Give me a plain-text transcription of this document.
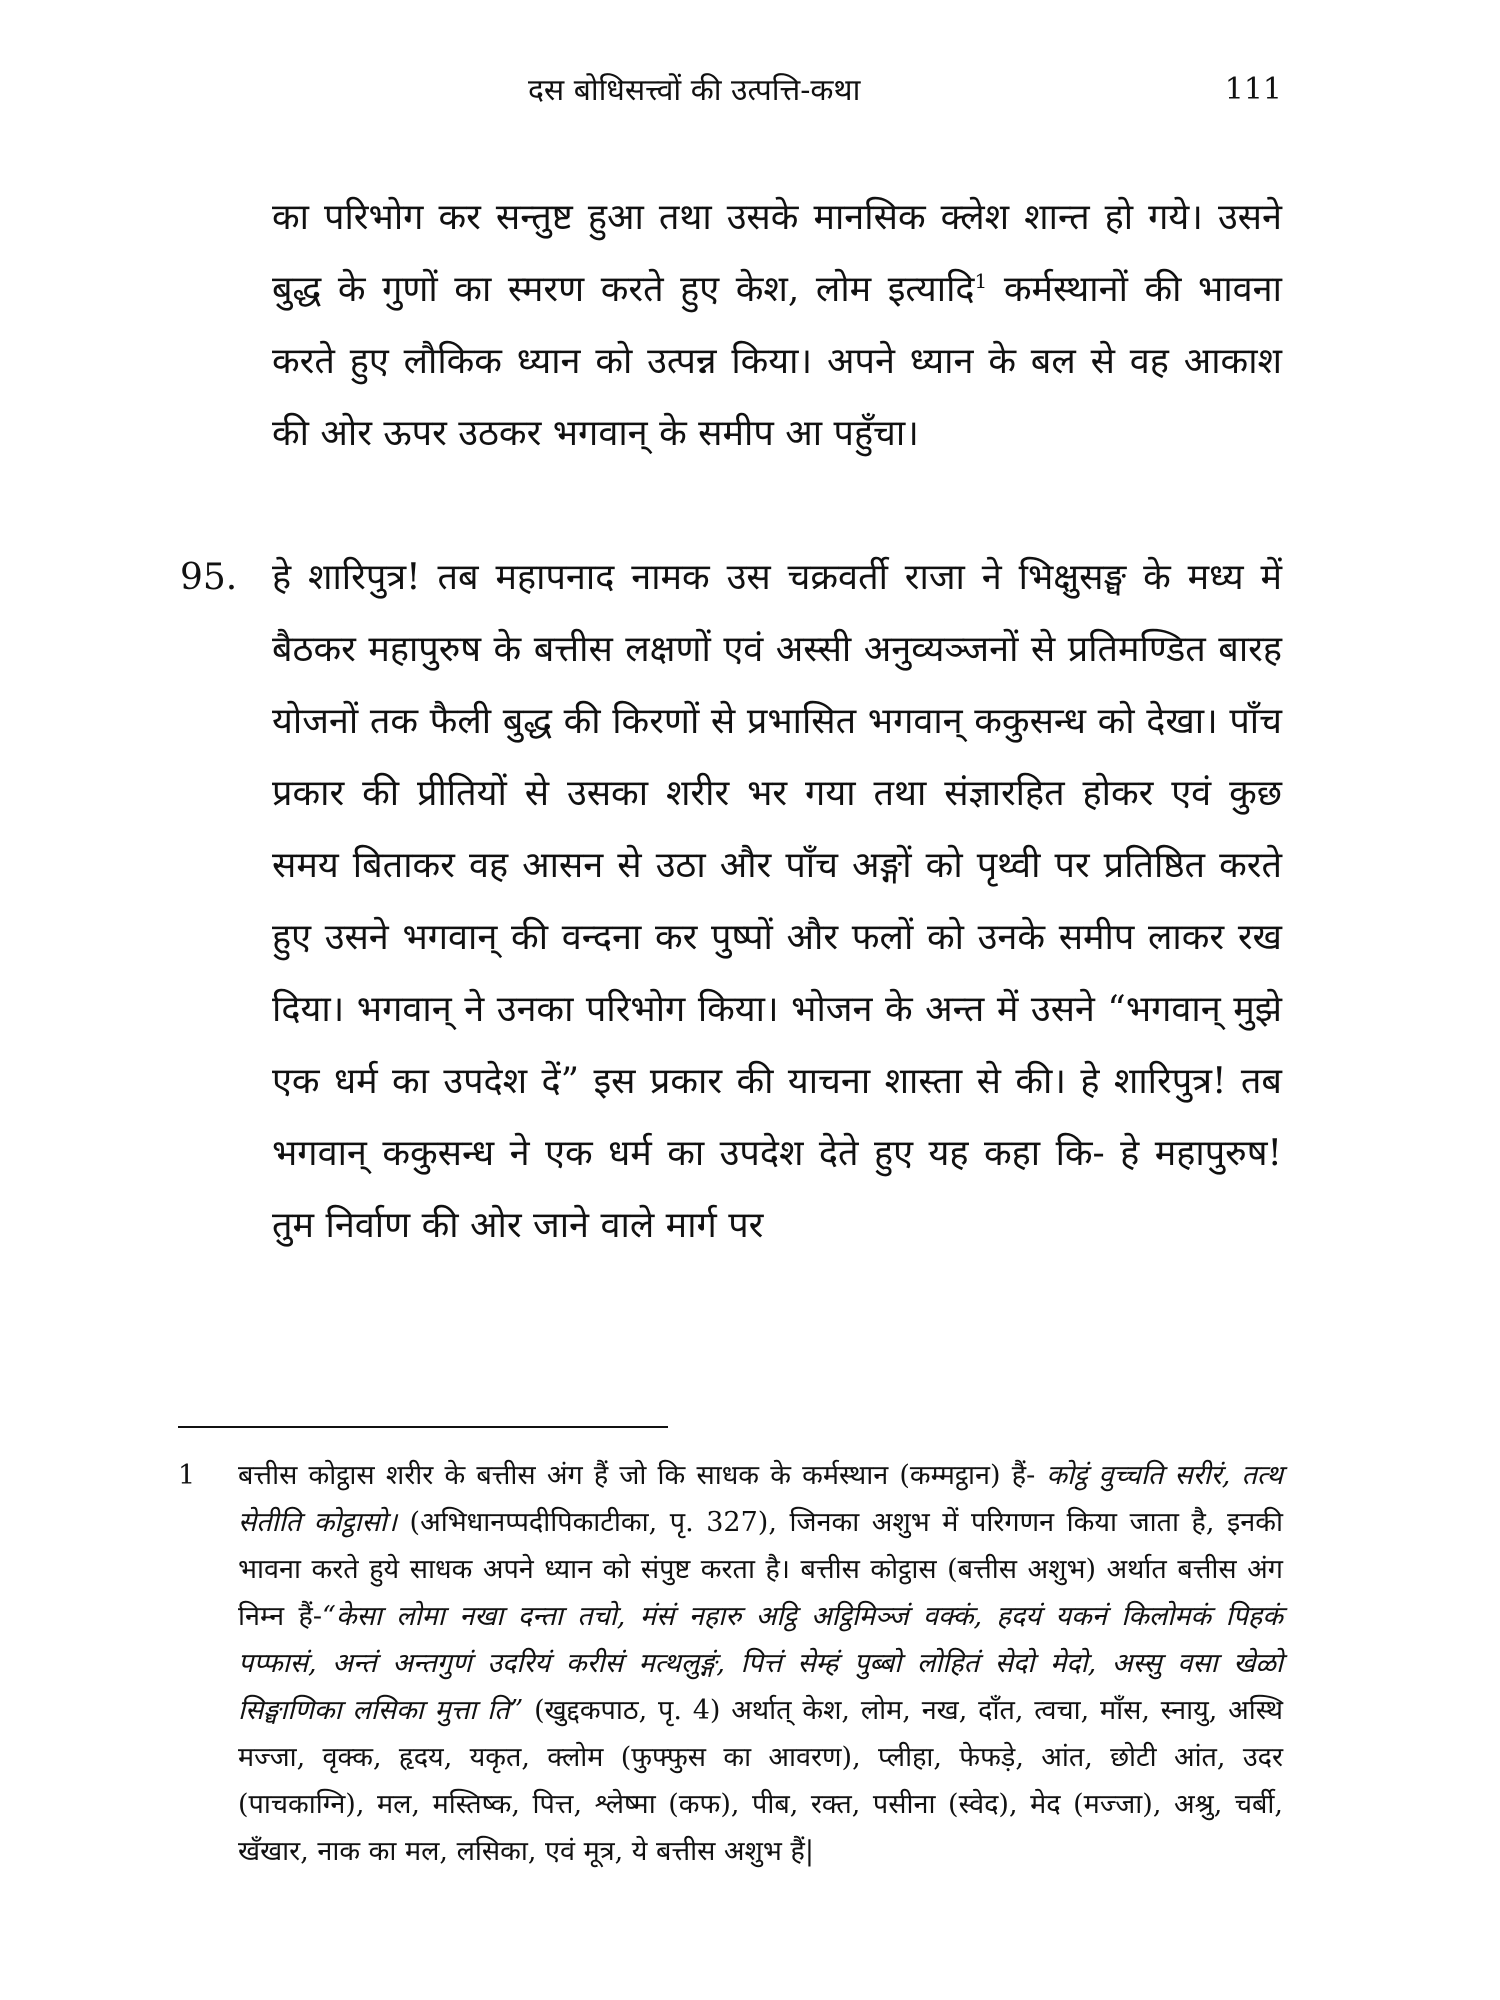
दस बोधिसत्त्वों की उत्पत्ति-कथा	111

का परिभोग कर सन्तुष्ट हुआ तथा उसके मानसिक क्लेश शान्त हो गये। उसने बुद्ध के गुणों का स्मरण करते हुए केश, लोम इत्यादि$^1$ कर्मस्थानों की भावना करते हुए लौकिक ध्यान को उत्पन्न किया। अपने ध्यान के बल से वह आकाश की ओर ऊपर उठकर भगवान् के समीप आ पहुँचा।

95. हे शारिपुत्र! तब महापनाद नामक उस चक्रवर्ती राजा ने भिक्षुसङ्घ के मध्य में बैठकर महापुरुष के बत्तीस लक्षणों एवं अस्सी अनुव्यञ्जनों से प्रतिमण्डित बारह योजनों तक फैली बुद्ध की किरणों से प्रभासित भगवान् ककुसन्ध को देखा। पाँच प्रकार की प्रीतियों से उसका शरीर भर गया तथा संज्ञारहित होकर एवं कुछ समय बिताकर वह आसन से उठा और पाँच अङ्गों को पृथ्वी पर प्रतिष्ठित करते हुए उसने भगवान् की वन्दना कर पुष्पों और फलों को उनके समीप लाकर रख दिया। भगवान् ने उनका परिभोग किया। भोजन के अन्त में उसने “भगवान् मुझे एक धर्म का उपदेश दें” इस प्रकार की याचना शास्ता से की। हे शारिपुत्र! तब भगवान् ककुसन्ध ने एक धर्म का उपदेश देते हुए यह कहा कि- हे महापुरुष! तुम निर्वाण की ओर जाने वाले मार्ग पर

1	बत्तीस कोट्ठास शरीर के बत्तीस अंग हैं जो कि साधक के कर्मस्थान (कम्मट्ठान) हैं- कोट्ठं वुच्चति सरीरं, तत्थ सेतीति कोट्ठासो। (अभिधानप्पदीपिकाटीका, पृ. 327), जिनका अशुभ में परिगणन किया जाता है, इनकी भावना करते हुये साधक अपने ध्यान को संपुष्ट करता है। बत्तीस कोट्ठास (बत्तीस अशुभ) अर्थात बत्तीस अंग निम्न हैं-“केसा लोमा नखा दन्ता तचो, मंसं नहारु अट्ठि अट्ठिमिञ्जं वक्कं, हदयं यकनं किलोमकं पिहकं पप्फासं, अन्तं अन्तगुणं उदरियं करीसं मत्थलुङ्गं, पित्तं सेम्हं पुब्बो लोहितं सेदो मेदो, अस्सु वसा खेळो सिङ्घाणिका लसिका मुत्ता ति” (खुद्दकपाठ, पृ. 4) अर्थात् केश, लोम, नख, दाँत, त्वचा, माँस, स्नायु, अस्थि मज्जा, वृक्क, हृदय, यकृत, क्लोम (फुफ्फुस का आवरण), प्लीहा, फेफड़े, आंत, छोटी आंत, उदर (पाचकाग्नि), मल, मस्तिष्क, पित्त, श्लेष्मा (कफ), पीब, रक्त, पसीना (स्वेद), मेद (मज्जा), अश्रु, चर्बी, खँखार, नाक का मल, लसिका, एवं मूत्र, ये बत्तीस अशुभ हैं|
